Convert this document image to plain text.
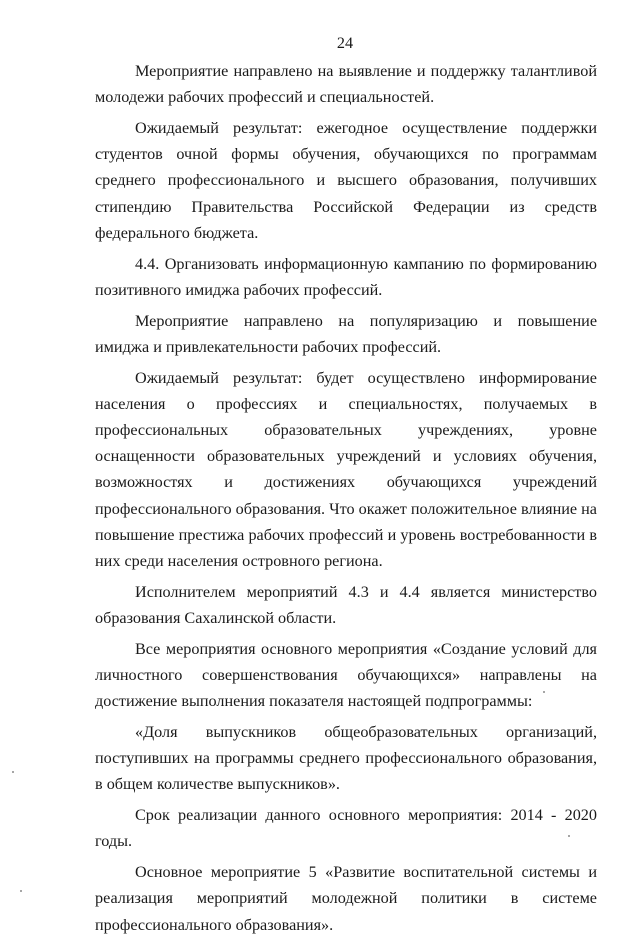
24

Мероприятие направлено на выявление и поддержку талантливой молодежи рабочих профессий и специальностей.

Ожидаемый результат: ежегодное осуществление поддержки студентов очной формы обучения, обучающихся по программам среднего профессионального и высшего образования, получивших стипендию Правительства Российской Федерации из средств федерального бюджета.

4.4. Организовать информационную кампанию по формированию позитивного имиджа рабочих профессий.

Мероприятие направлено на популяризацию и повышение имиджа и привлекательности рабочих профессий.

Ожидаемый результат: будет осуществлено информирование населения о профессиях и специальностях, получаемых в профессиональных образовательных учреждениях, уровне оснащенности образовательных учреждений и условиях обучения, возможностях и достижениях обучающихся учреждений профессионального образования. Что окажет положительное влияние на повышение престижа рабочих профессий и уровень востребованности в них среди населения островного региона.

Исполнителем мероприятий 4.3 и 4.4 является министерство образования Сахалинской области.

Все мероприятия основного мероприятия «Создание условий для личностного совершенствования обучающихся» направлены на достижение выполнения показателя настоящей подпрограммы:

«Доля выпускников общеобразовательных организаций, поступивших на программы среднего профессионального образования, в общем количестве выпускников».

Срок реализации данного основного мероприятия: 2014 - 2020 годы.

Основное мероприятие 5 «Развитие воспитательной системы и реализация мероприятий молодежной политики в системе профессионального образования».
